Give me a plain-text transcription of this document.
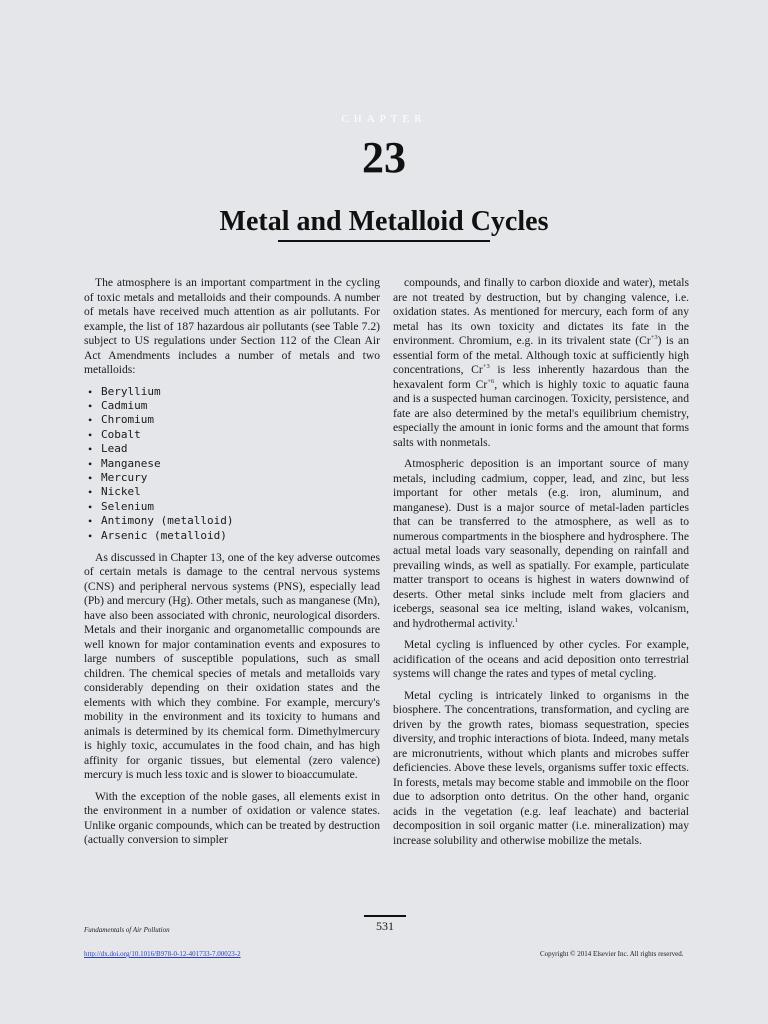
CHAPTER
23
Metal and Metalloid Cycles

The atmosphere is an important compartment in the cycling of toxic metals and metalloids and their compounds. A number of metals have received much attention as air pollutants. For example, the list of 187 hazardous air pollutants (see Table 7.2) subject to US regulations under Section 112 of the Clean Air Act Amendments includes a number of metals and two metalloids:

• Beryllium
• Cadmium
• Chromium
• Cobalt
• Lead
• Manganese
• Mercury
• Nickel
• Selenium
• Antimony (metalloid)
• Arsenic (metalloid)

As discussed in Chapter 13, one of the key adverse outcomes of certain metals is damage to the central nervous systems (CNS) and peripheral nervous systems (PNS), especially lead (Pb) and mercury (Hg). Other metals, such as manganese (Mn), have also been associated with chronic, neurological disorders. Metals and their inorganic and organometallic compounds are well known for major contamination events and exposures to large numbers of susceptible populations, such as small children. The chemical species of metals and metalloids vary considerably depending on their oxidation states and the elements with which they combine. For example, mercury's mobility in the environment and its toxicity to humans and animals is determined by its chemical form. Dimethylmercury is highly toxic, accumulates in the food chain, and has high affinity for organic tissues, but elemental (zero valence) mercury is much less toxic and is slower to bioaccumulate.

With the exception of the noble gases, all elements exist in the environment in a number of oxidation or valence states. Unlike organic compounds, which can be treated by destruction (actually conversion to simpler

compounds, and finally to carbon dioxide and water), metals are not treated by destruction, but by changing valence, i.e. oxidation states. As mentioned for mercury, each form of any metal has its own toxicity and dictates its fate in the environment. Chromium, e.g. in its trivalent state $(Cr^{+3})$ is an essential form of the metal. Although toxic at sufficiently high concentrations, $Cr^{+3}$ is less inherently hazardous than the hexavalent form $Cr^{+6}$, which is highly toxic to aquatic fauna and is a suspected human carcinogen. Toxicity, persistence, and fate are also determined by the metal's equilibrium chemistry, especially the amount in ionic forms and the amount that forms salts with nonmetals.

Atmospheric deposition is an important source of many metals, including cadmium, copper, lead, and zinc, but less important for other metals (e.g. iron, aluminum, and manganese). Dust is a major source of metal-laden particles that can be transferred to the atmosphere, as well as to numerous compartments in the biosphere and hydrosphere. The actual metal loads vary seasonally, depending on rainfall and prevailing winds, as well as spatially. For example, particulate matter transport to oceans is highest in waters downwind of deserts. Other metal sinks include melt from glaciers and icebergs, seasonal sea ice melting, island wakes, volcanism, and hydrothermal activity.$^1$

Metal cycling is influenced by other cycles. For example, acidification of the oceans and acid deposition onto terrestrial systems will change the rates and types of metal cycling.

Metal cycling is intricately linked to organisms in the biosphere. The concentrations, transformation, and cycling are driven by the growth rates, biomass sequestration, species diversity, and trophic interactions of biota. Indeed, many metals are micronutrients, without which plants and microbes suffer deficiencies. Above these levels, organisms suffer toxic effects. In forests, metals may become stable and immobile on the floor due to adsorption onto detritus. On the other hand, organic acids in the vegetation (e.g. leaf leachate) and bacterial decomposition in soil organic matter (i.e. mineralization) may increase solubility and otherwise mobilize the metals.

Fundamentals of Air Pollution	531
http://dx.doi.org/10.1016/B978-0-12-401733-7.00023-2	Copyright © 2014 Elsevier Inc. All rights reserved.
